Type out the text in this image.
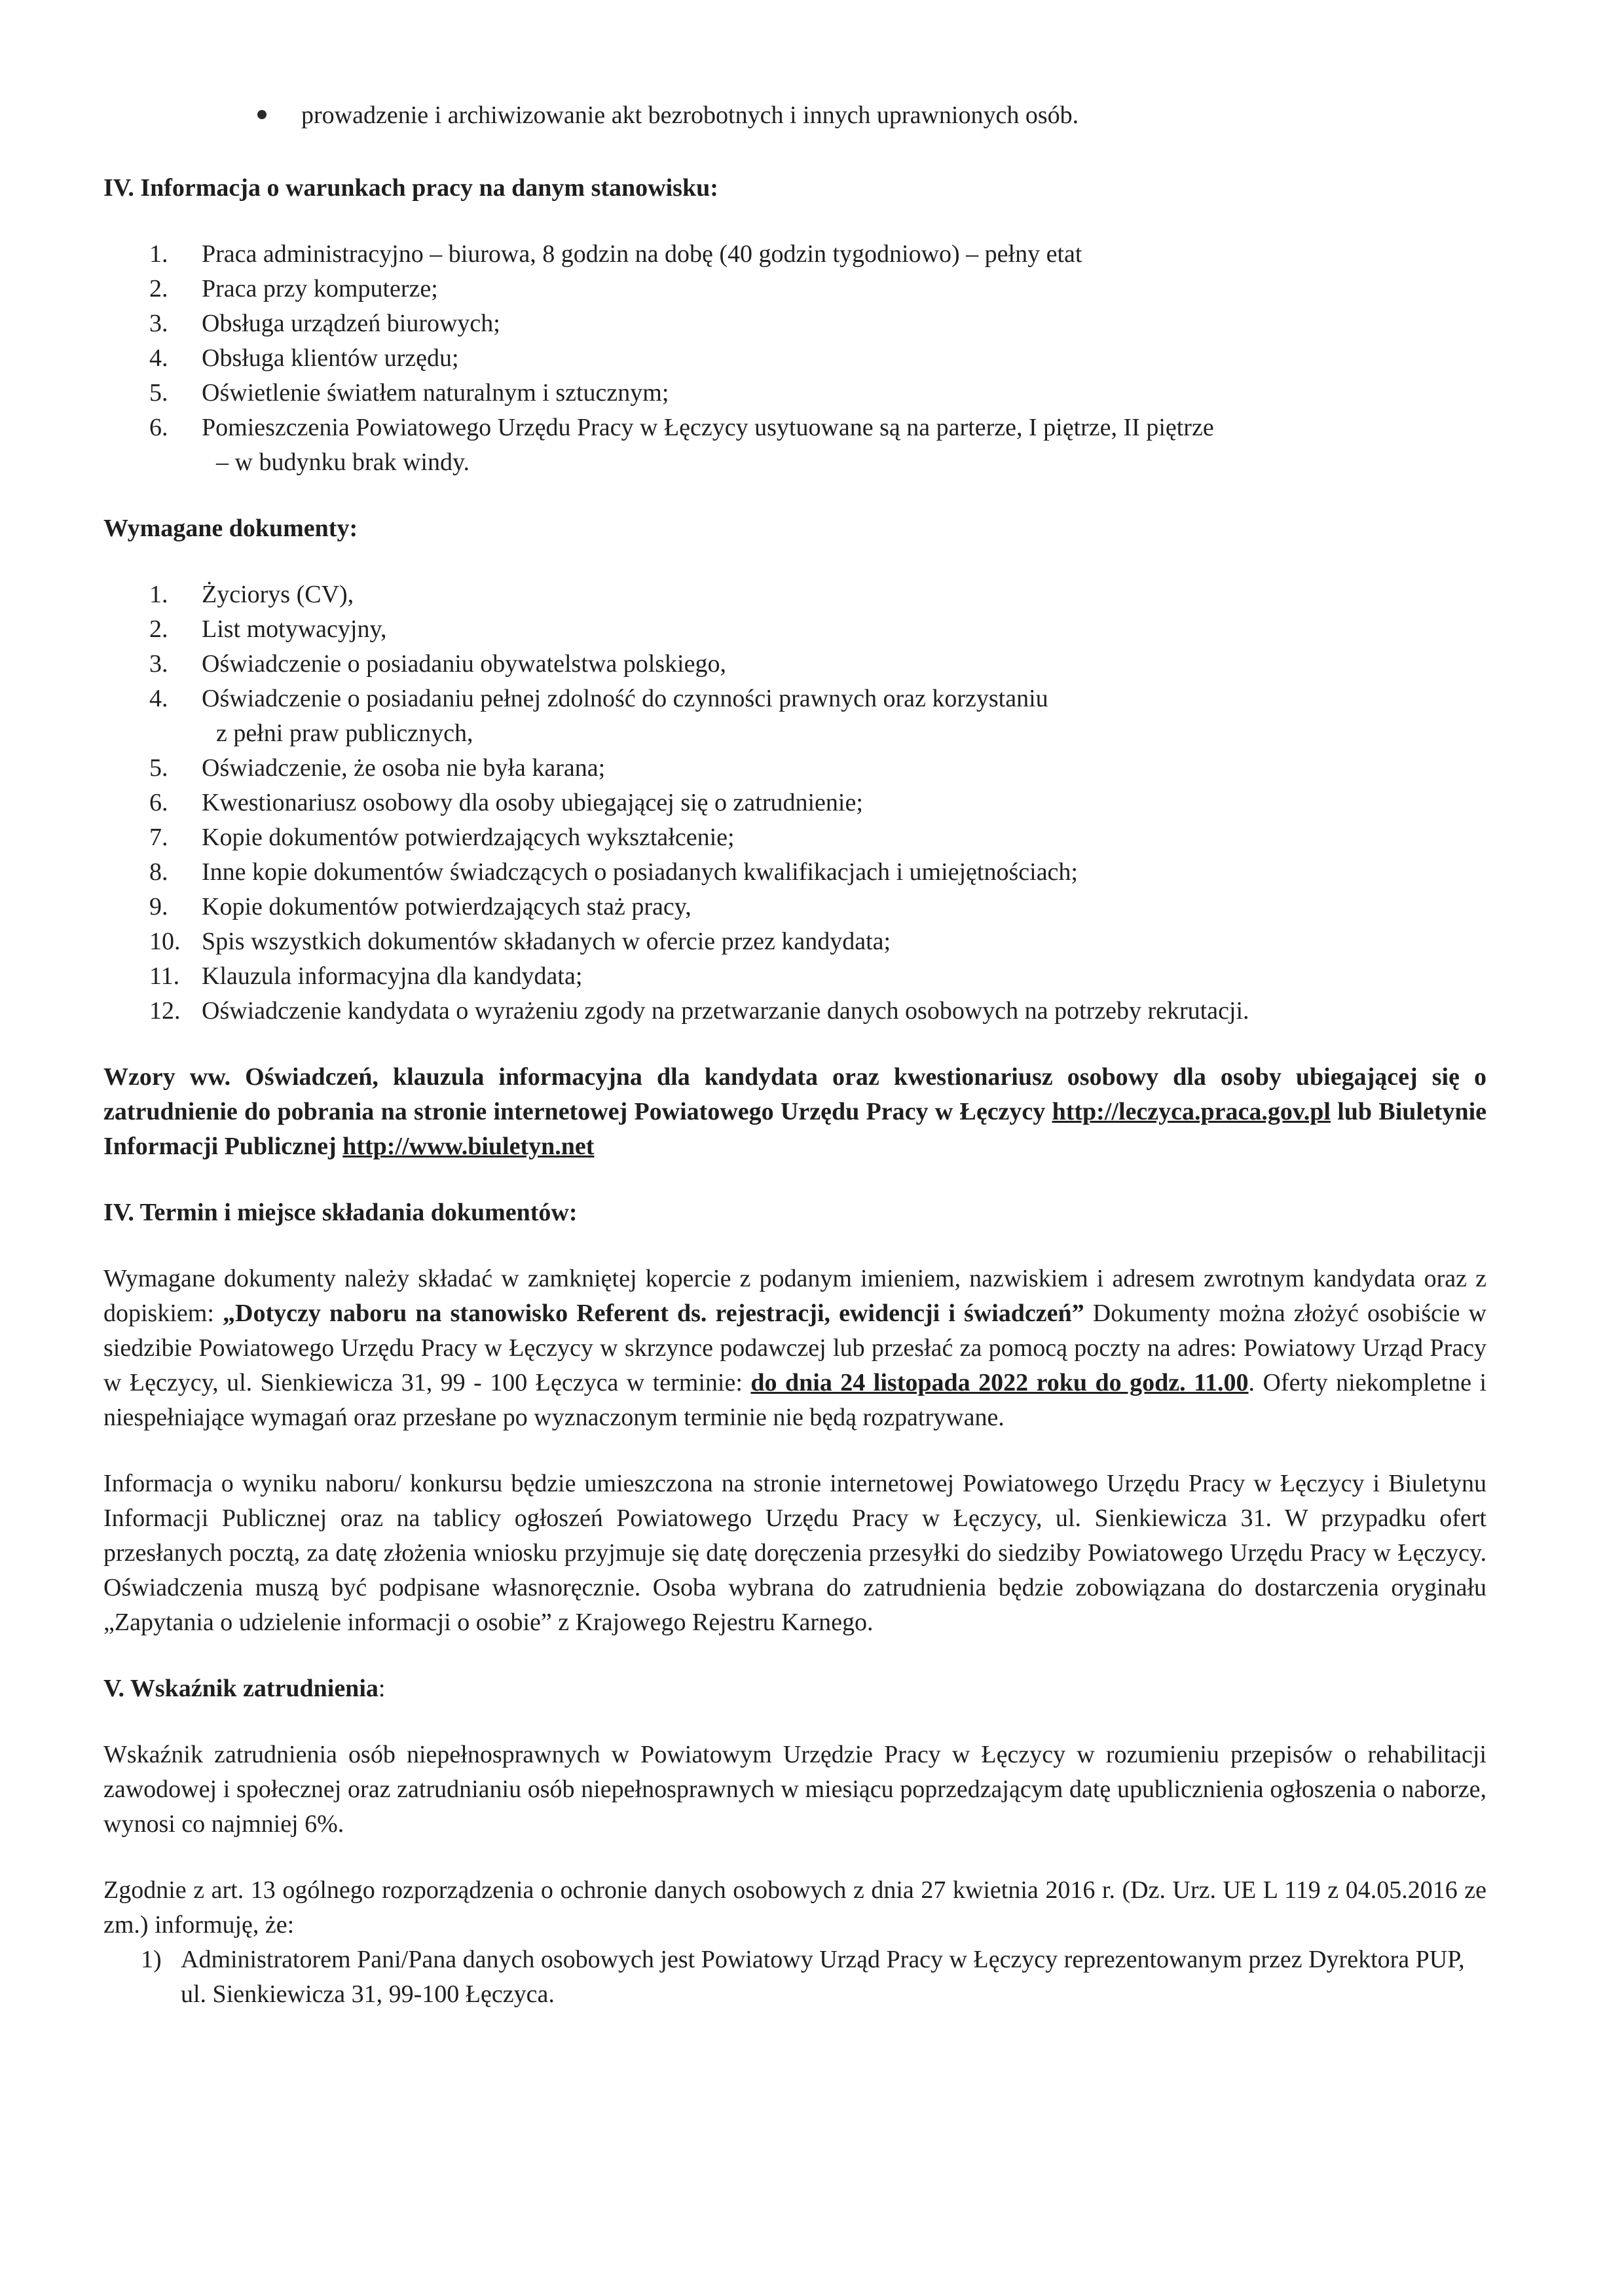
prowadzenie i archiwizowanie akt bezrobotnych i innych uprawnionych osób.

IV. Informacja o warunkach pracy na danym stanowisku:

1.	Praca administracyjno – biurowa, 8 godzin na dobę (40 godzin tygodniowo) – pełny etat
2.	Praca przy komputerze;
3.	Obsługa urządzeń biurowych;
4.	Obsługa klientów urzędu;
5.	Oświetlenie światłem naturalnym i sztucznym;
6.	Pomieszczenia Powiatowego Urzędu Pracy w Łęczycy usytuowane są na parterze, I piętrze, II piętrze
– w budynku brak windy.

Wymagane dokumenty:

1.	Życiorys (CV),
2.	List motywacyjny,
3.	Oświadczenie o posiadaniu obywatelstwa polskiego,
4.	Oświadczenie o posiadaniu pełnej zdolność do czynności prawnych oraz korzystaniu
z pełni praw publicznych,
5.	Oświadczenie, że osoba nie była karana;
6.	Kwestionariusz osobowy dla osoby ubiegającej się o zatrudnienie;
7.	Kopie dokumentów potwierdzających wykształcenie;
8.	Inne kopie dokumentów świadczących o posiadanych kwalifikacjach i umiejętnościach;
9.	Kopie dokumentów potwierdzających staż pracy,
10. Spis wszystkich dokumentów składanych w ofercie przez kandydata;
11. Klauzula informacyjna dla kandydata;
12. Oświadczenie kandydata o wyrażeniu zgody na przetwarzanie danych osobowych na potrzeby rekrutacji.

Wzory ww. Oświadczeń, klauzula informacyjna dla kandydata oraz kwestionariusz osobowy dla osoby ubiegającej się o zatrudnienie do pobrania na stronie internetowej Powiatowego Urzędu Pracy w Łęczycy http://leczyca.praca.gov.pl lub Biuletynie Informacji Publicznej http://www.biuletyn.net

IV. Termin i miejsce składania dokumentów:

Wymagane dokumenty należy składać w zamkniętej kopercie z podanym imieniem, nazwiskiem i adresem zwrotnym kandydata oraz z dopiskiem: „Dotyczy naboru na stanowisko Referent ds. rejestracji, ewidencji i świadczeń” Dokumenty można złożyć osobiście w siedzibie Powiatowego Urzędu Pracy w Łęczycy w skrzynce podawczej lub przesłać za pomocą poczty na adres: Powiatowy Urząd Pracy w Łęczycy, ul. Sienkiewicza 31, 99 - 100 Łęczyca w terminie: do dnia 24 listopada 2022 roku do godz. 11.00. Oferty niekompletne i niespełniające wymagań oraz przesłane po wyznaczonym terminie nie będą rozpatrywane.

Informacja o wyniku naboru/ konkursu będzie umieszczona na stronie internetowej Powiatowego Urzędu Pracy w Łęczycy i Biuletynu Informacji Publicznej oraz na tablicy ogłoszeń Powiatowego Urzędu Pracy w Łęczycy, ul. Sienkiewicza 31. W przypadku ofert przesłanych pocztą, za datę złożenia wniosku przyjmuje się datę doręczenia przesyłki do siedziby Powiatowego Urzędu Pracy w Łęczycy. Oświadczenia muszą być podpisane własnoręcznie. Osoba wybrana do zatrudnienia będzie zobowiązana do dostarczenia oryginału „Zapytania o udzielenie informacji o osobie” z Krajowego Rejestru Karnego.

V. Wskaźnik zatrudnienia:

Wskaźnik zatrudnienia osób niepełnosprawnych w Powiatowym Urzędzie Pracy w Łęczycy w rozumieniu przepisów o rehabilitacji zawodowej i społecznej oraz zatrudnianiu osób niepełnosprawnych w miesiącu poprzedzającym datę upublicznienia ogłoszenia o naborze, wynosi co najmniej 6%.

Zgodnie z art. 13 ogólnego rozporządzenia o ochronie danych osobowych z dnia 27 kwietnia 2016 r. (Dz. Urz. UE L 119 z 04.05.2016 ze zm.) informuję, że:

1) Administratorem Pani/Pana danych osobowych jest Powiatowy Urząd Pracy w Łęczycy reprezentowanym przez Dyrektora PUP, ul. Sienkiewicza 31, 99-100 Łęczyca.
